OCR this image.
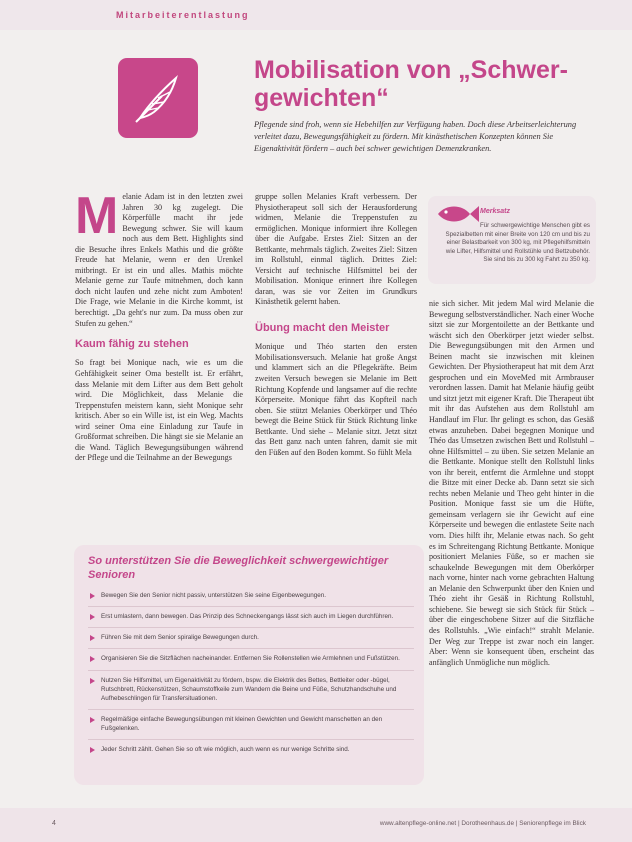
Mitarbeiterentlastung
Mobilisation von „Schwergewichten“

Pflegende sind froh, wenn sie Hebehilfen zur Verfügung haben. Doch diese Arbeitserleichterung verleitet dazu, Bewegungsfähigkeit zu fördern. Mit kinästhetischen Konzepten können Sie Eigenaktivität fördern – auch bei schwer gewichtigen Demenzkranken.

M elanie Adam ist in den letzten zwei Jahren 30 kg zugelegt. Die Körperfülle macht ihr jede Bewegung schwer. Sie will kaum noch aus dem Bett. Highlights sind die Besuche ihres Enkels Mathis und die größte Freude hat Melanie, wenn er den Urenkel mitbringt. Er ist ein und alles. Mathis möchte Melanie gerne zur Taufe mitnehmen, doch kann doch nicht laufen und zehe nicht zum Amboten! Die Frage, wie Melanie in die Kirche kommt, ist berechtigt. „Da geht's nur zum. Da muss oben zur Stufen zu gehen.“

Kaum fähig zu stehen

So fragt bei Monique nach, wie es um die Gehfähigkeit seiner Oma bestellt ist. Er erfährt, dass Melanie mit dem Lifter aus dem Bett geholt wird. Die Möglichkeit, dass Melanie die Treppenstufen meistern kann, sieht Monique sehr kritisch. Aber so ein Wille ist, ist ein Weg. Machts wird seiner Oma eine Einladung zur Taufe in Großformat schreiben. Die hängt sie sie Melanie an die Wand. Täglich Bewegungsübungen während der Pflege und die Teilnahme an der Bewegungs

gruppe sollen Melanies Kraft verbessern. Der Physiotherapeut soll sich der Herausforderung widmen, Melanie die Treppenstufen zu ermöglichen. Monique informiert ihre Kollegen über die Aufgabe. Erstes Ziel: Sitzen an der Bettkante, mehrmals täglich. Zweites Ziel: Sitzen im Rollstuhl, einmal täglich. Drittes Ziel: Versicht auf technische Hilfsmittel bei der Mobilisation. Monique erinnert ihre Kollegen daran, was sie vor Zeiten im Grundkurs Kinästhetik gelernt haben.

Übung macht den Meister

Monique und Théo starten den ersten Mobilisationsversuch. Melanie hat große Angst und klammert sich an die Pflegekräfte. Beim zweiten Versuch bewegen sie Melanie im Bett Richtung Kopfende und langsamer auf die rechte Körperseite. Monique fährt das Kopfteil nach oben. Sie stützt Melanies Oberkörper und Théo bewegt die Beine Stück für Stück Richtung linke Bettkante. Und siehe – Melanie sitzt. Jetzt sitzt das Bett ganz nach unten fahren, damit sie mit den Füßen auf den Boden kommt. So fühlt Mela

Merksatz
Für schwergewichtige Menschen gibt es Spezialbetten mit einer Breite von 120 cm und bis zu einer Belastbarkeit von 300 kg, mit Pflegehilfsmitteln wie Lifter, Hilfsmittel und Rollstühle und Bettzubehör. Sie sind bis zu 300 kg Fahrt zu 350 kg.

nie sich sicher. Mit jedem Mal wird Melanie die Bewegung selbstverständlicher. Nach einer Woche sitzt sie zur Morgentoilette an der Bettkante und wäscht sich den Oberkörper jetzt wieder selbst. Die Bewegungsübungen mit den Armen und Beinen macht sie inzwischen mit kleinen Gewichten. Der Physiotherapeut hat mit dem Arzt gesprochen und ein MoveMed mit Armbrauser verordnen lassen. Damit hat Melanie häufig geübt und sitzt jetzt mit eigener Kraft. Die Therapeut übt mit ihr das Aufstehen aus dem Rollstuhl am Handlauf im Flur. Ihr gelingt es schon, das Gesäß etwas anzuheben. Dabei begegnen Monique und Théo das Umsetzen zwischen Bett und Rollstuhl – ohne Hilfsmittel – zu üben. Sie setzen Melanie an die Bettkante. Monique stellt den Rollstuhl links von ihr bereit, entfernt die Armlehne und stoppt die Bitze mit einer Decke ab. Dann setzt sie sich rechts neben Melanie und Theo geht hinter in die Position. Monique fasst sie um die Hüfte, gemeinsam verlagern sie ihr Gewicht auf eine Körperseite und bewegen die entlastete Seite nach vorn. Dies hilft ihr, Melanie etwas nach. So geht es im Schreitengang Richtung Bettkante. Monique positioniert Melanies Füße, so er machen sie schaukelnde Bewegungen mit dem Oberkörper nach vorne, hinter nach vorne gebrachten Haltung an Melanie den Schwerpunkt über den Knien und Théo zieht ihr Gesäß in Richtung Rollstuhl, schiebene. Sie bewegt sie sich Stück für Stück – über die eingeschobene Sitzer auf die Sitzfläche des Rollstuhls. „Wie einfach!“ strahlt Melanie. Der Weg zur Treppe ist zwar noch ein langer. Aber: Wenn sie konsequent üben, erscheint das anfänglich Unmögliche nun möglich.

So unterstützen Sie die Beweglichkeit schwergewichtiger Senioren
Bewegen Sie den Senior nicht passiv, unterstützen Sie seine Eigenbewegungen.
Erst umlastern, dann bewegen. Das Prinzip des Schneckengangs lässt sich auch im Liegen durchführen.
Führen Sie mit dem Senior spiralige Bewegungen durch.
Organisieren Sie die Sitzflächen nacheinander. Entfernen Sie Rollenstellen wie Armlehnen und Fußstützen.
Nutzen Sie Hilfsmittel, um Eigenaktivität zu fördern, bspw. die Elektrik des Bettes, Bettleiter oder -bügel, Rutschbrett, Rückenstützen, Schaumstoffkeile zum Wandern die Beine und Füße, Schutzhandschuhe und Aufhebeschlingen für Transfersituationen.
Regelmäßige einfache Bewegungsübungen mit kleinen Gewichten und Gewicht manschetten an den Fußgelenken.
Jeder Schritt zählt. Gehen Sie so oft wie möglich, auch wenn es nur wenige Schritte sind.
4	www.altenpflege-online.net | Dorotheenhaus.de | Seniorenpflege im Blick
